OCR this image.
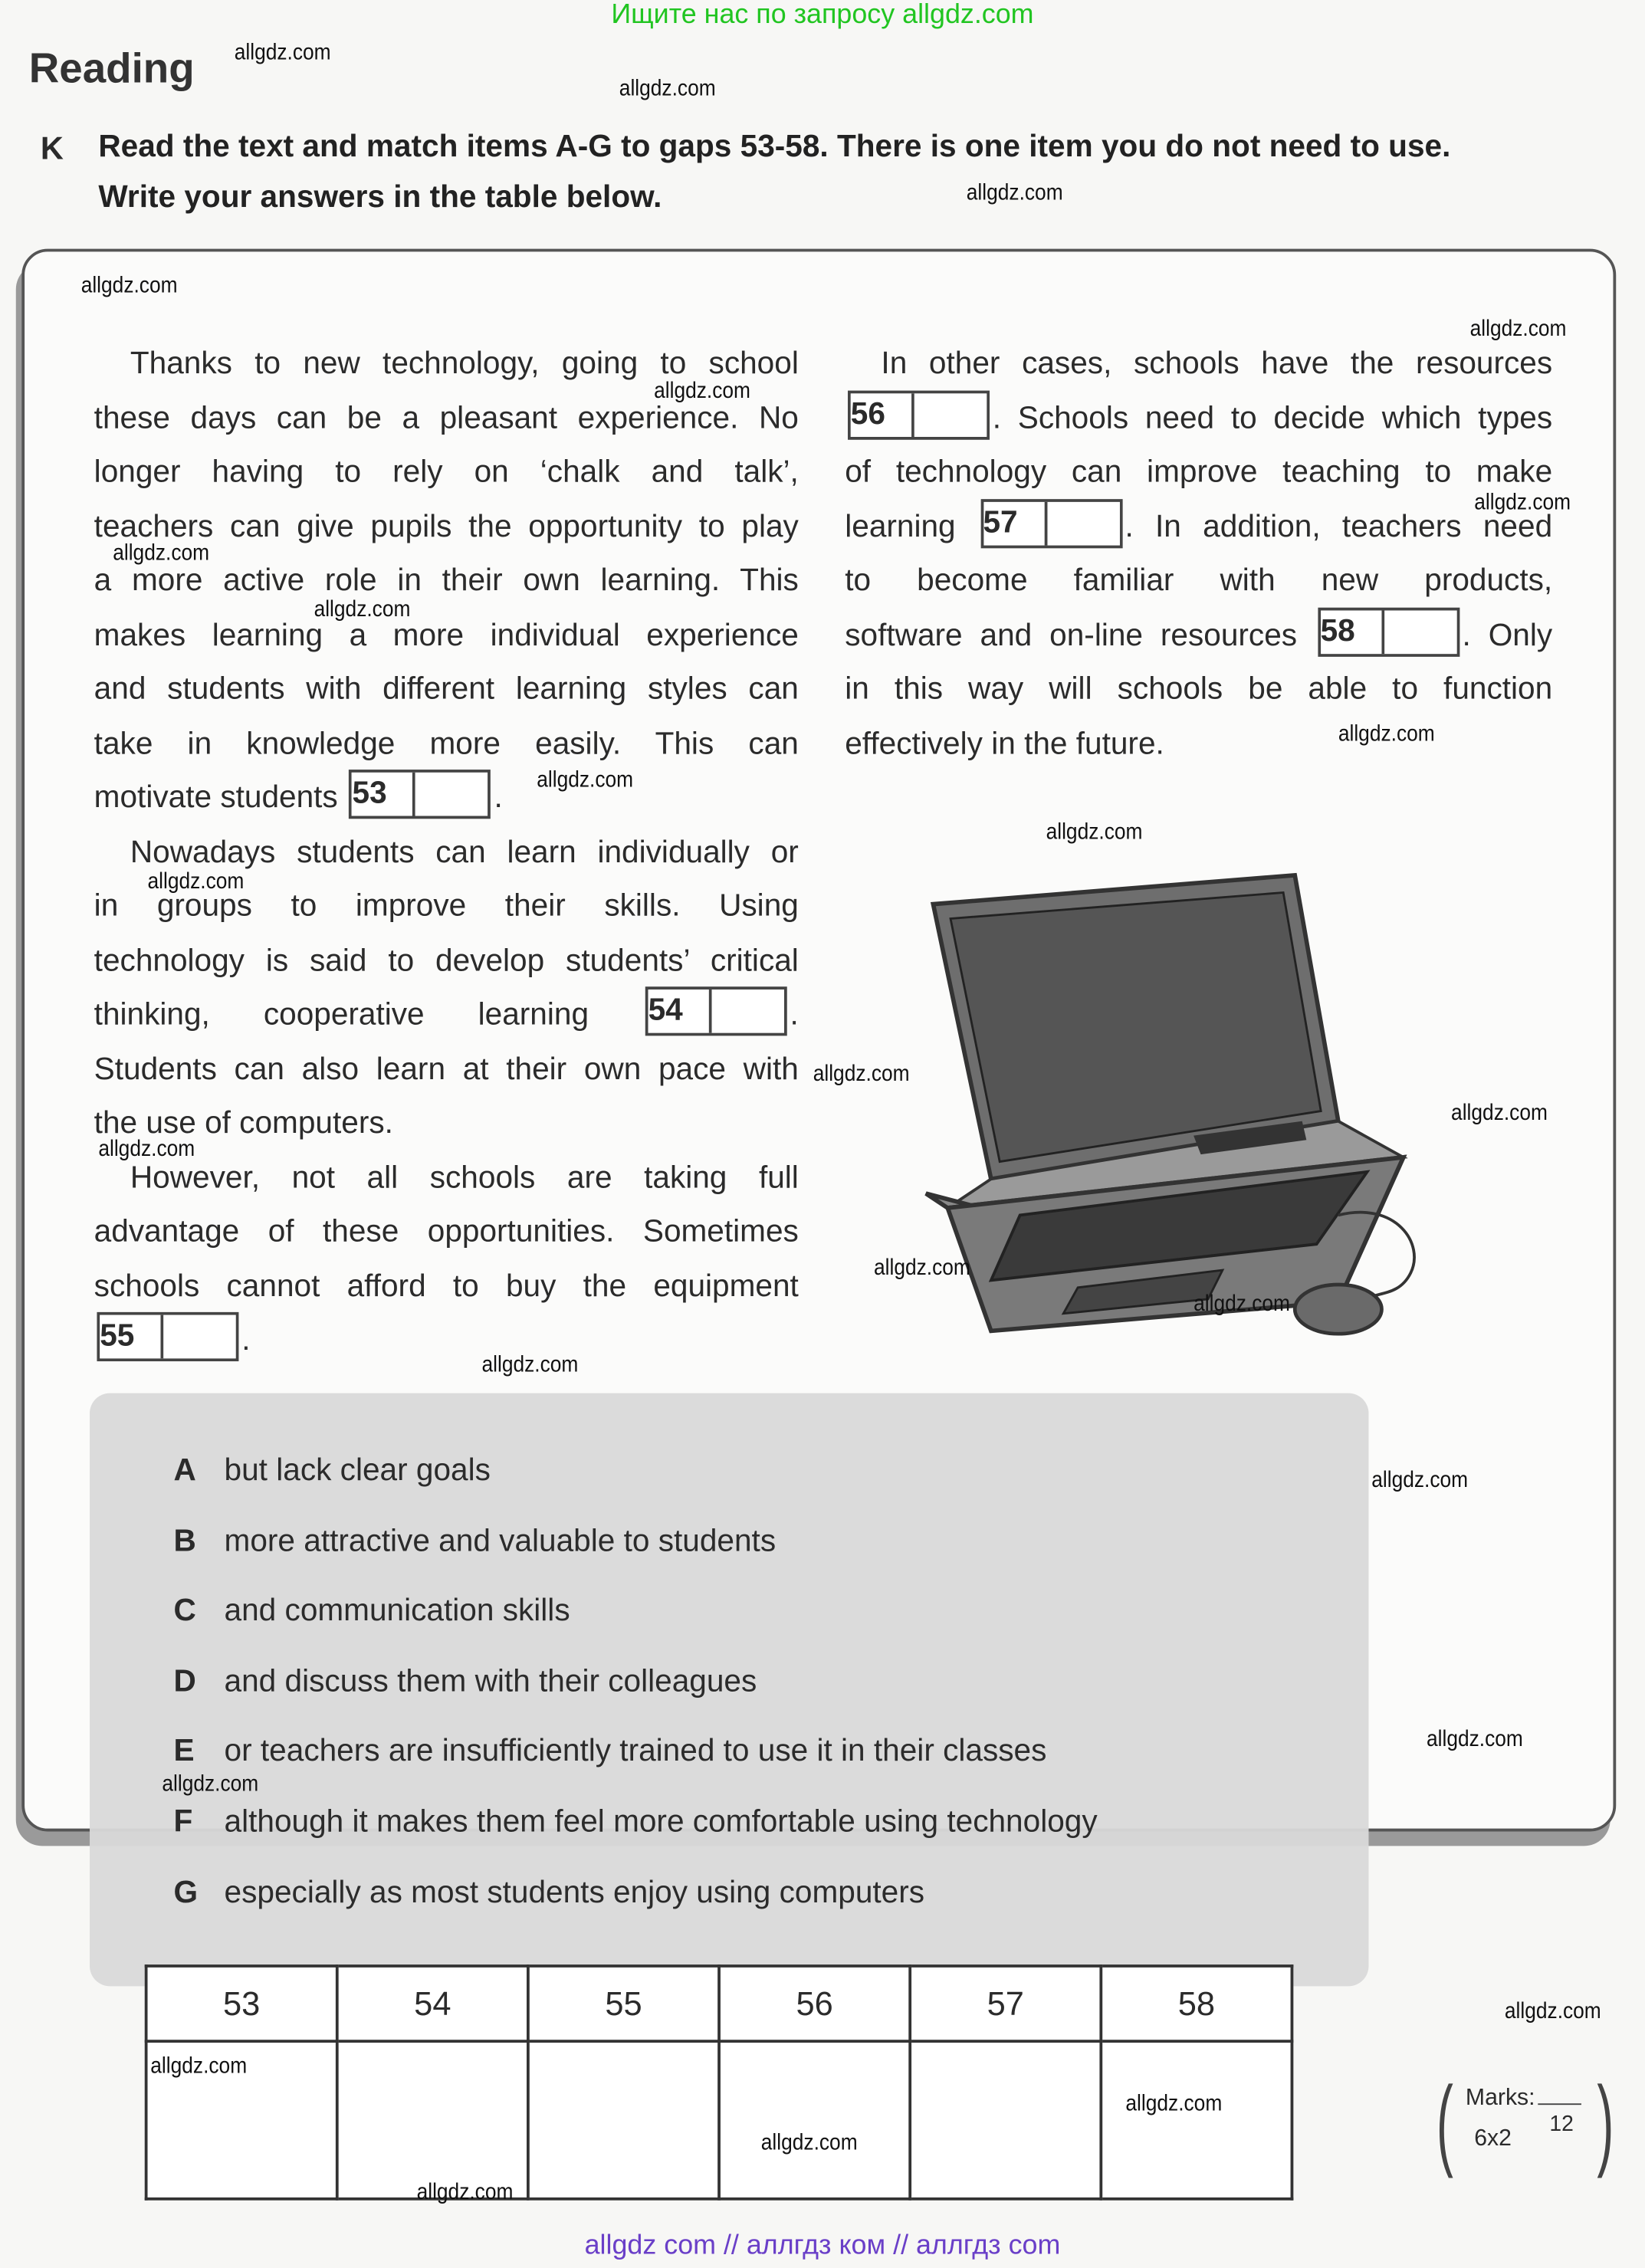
Ищите нас по запросу allgdz.com
Reading
K Read the text and match items A-G to gaps 53-58. There is one item you do not need to use.
Write your answers in the table below.
Thanks to new technology, going to school
these days can be a pleasant experience. No
longer having to rely on ‘chalk and talk’,
teachers can give pupils the opportunity to play
a more active role in their own learning. This
makes learning a more individual experience
and students with different learning styles can
take in knowledge more easily. This can
motivate students 53	.
Nowadays students can learn individually or
in groups to improve their skills. Using
technology is said to develop students’ critical
thinking, cooperative learning 54	.
Students can also learn at their own pace with
the use of computers.
However, not all schools are taking full
advantage of these opportunities. Sometimes
schools cannot afford to buy the equipment
55	.
In other cases, schools have the resources
56	. Schools need to decide which types
of technology can improve teaching to make
learning 57	. In addition, teachers need
to become familiar with new products,
software and on-line resources 58	. Only
in this way will schools be able to function
effectively in the future.
A but lack clear goals
B more attractive and valuable to students
C and communication skills
D and discuss them with their colleagues
E or teachers are insufficiently trained to use it in their classes
F although it makes them feel more comfortable using technology
G especially as most students enjoy using computers
53	54	55	56	57	58

( Marks:
12
6x2 )
allgdz com // аллгдз ком // аллгдз com
allgdz.com
allgdz.com
allgdz.com
allgdz.com
allgdz.com
allgdz.com
allgdz.com
allgdz.com
allgdz.com
allgdz.com
allgdz.com
allgdz.com
allgdz.com
allgdz.com
allgdz.com
allgdz.com
allgdz.com
allgdz.com
allgdz.com
allgdz.com
allgdz.com
allgdz.com
allgdz.com
allgdz.com
allgdz.com
allgdz.com
allgdz.com
